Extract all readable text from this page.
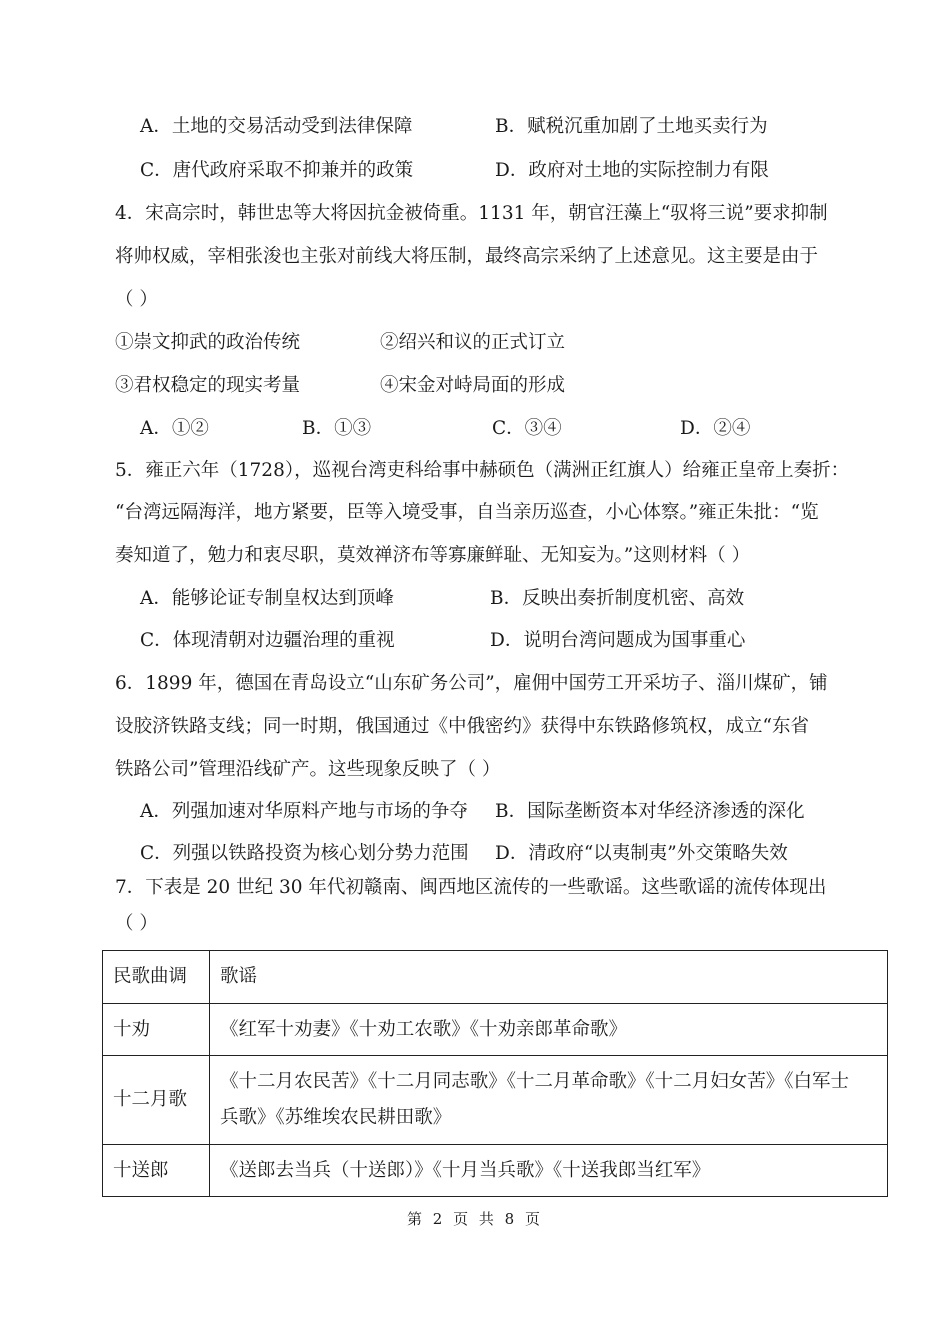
A．土地的交易活动受到法律保障	B．赋税沉重加剧了土地买卖行为
C．唐代政府采取不抑兼并的政策	D．政府对土地的实际控制力有限
4．宋高宗时，韩世忠等大将因抗金被倚重。1131 年，朝官汪藻上“驭将三说”要求抑制
将帅权威，宰相张浚也主张对前线大将压制，最终高宗采纳了上述意见。这主要是由于
（ ）
①崇文抑武的政治传统	②绍兴和议的正式订立
③君权稳定的现实考量	④宋金对峙局面的形成
A．①②	B．①③	C．③④	D．②④
5．雍正六年（1728），巡视台湾吏科给事中赫硕色（满洲正红旗人）给雍正皇帝上奏折：
“台湾远隔海洋，地方紧要，臣等入境受事，自当亲历巡查，小心体察。”雍正朱批：“览
奏知道了，勉力和衷尽职，莫效禅济布等寡廉鲜耻、无知妄为。”这则材料（ ）
A．能够论证专制皇权达到顶峰	B．反映出奏折制度机密、高效
C．体现清朝对边疆治理的重视	D．说明台湾问题成为国事重心
6．1899 年，德国在青岛设立“山东矿务公司”，雇佣中国劳工开采坊子、淄川煤矿，铺
设胶济铁路支线；同一时期，俄国通过《中俄密约》获得中东铁路修筑权，成立“东省
铁路公司”管理沿线矿产。这些现象反映了（ ）
A．列强加速对华原料产地与市场的争夺 B．国际垄断资本对华经济渗透的深化
C．列强以铁路投资为核心划分势力范围 D．清政府“以夷制夷”外交策略失效
7．下表是 20 世纪 30 年代初赣南、闽西地区流传的一些歌谣。这些歌谣的流传体现出
（ ）
民歌曲调	歌谣
十劝	《红军十劝妻》《十劝工农歌》《十劝亲郎革命歌》
十二月歌	《十二月农民苦》《十二月同志歌》《十二月革命歌》《十二月妇女苦》《白军士
兵歌》《苏维埃农民耕田歌》

十送郎	《送郎去当兵（十送郎）》《十月当兵歌》《十送我郎当红军》
第 2 页 共 8 页
